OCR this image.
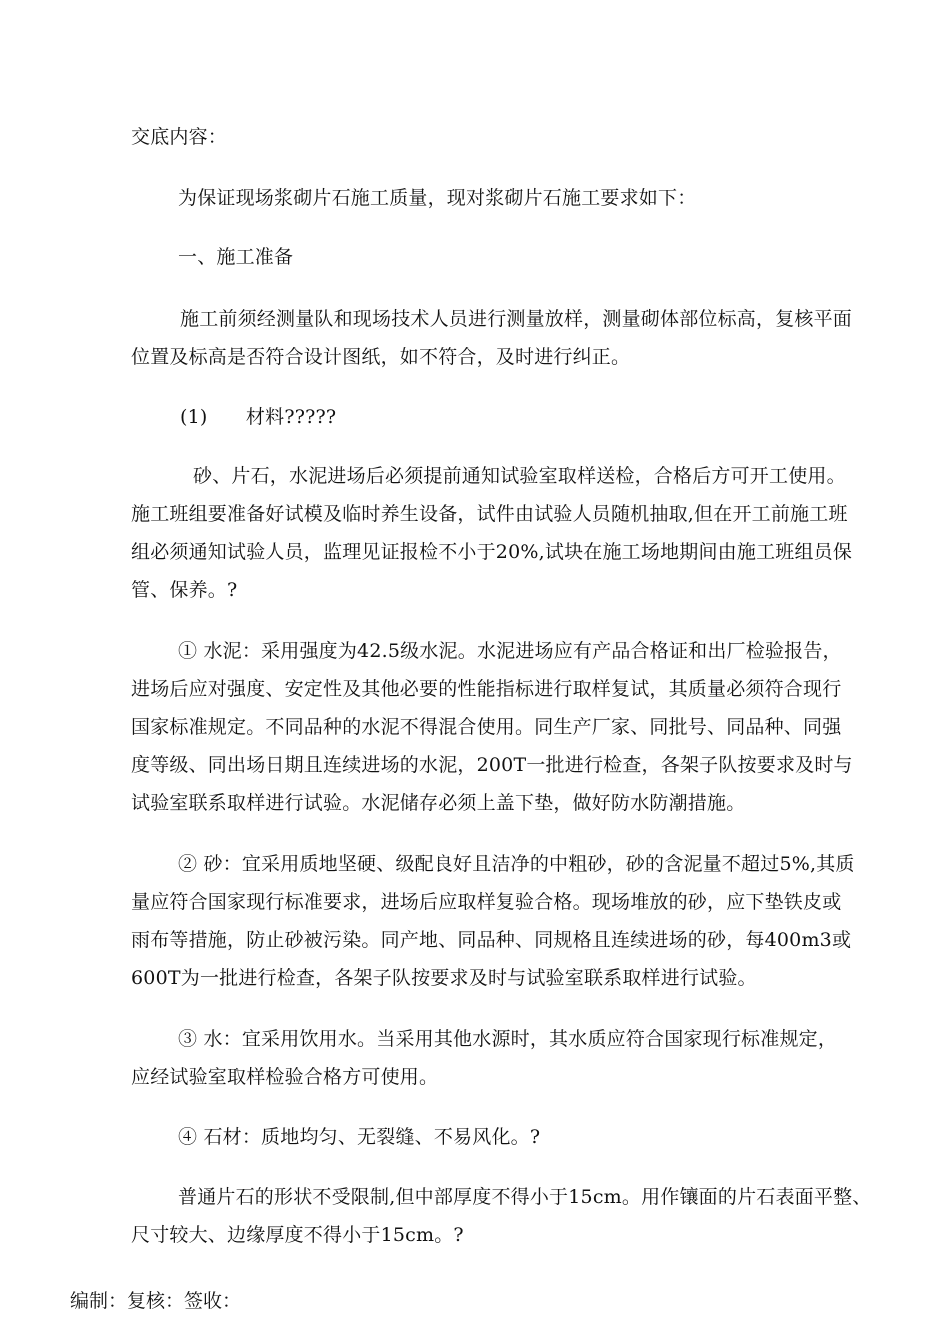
交底内容：

为保证现场浆砌片石施工质量，现对浆砌片石施工要求如下：

一、施工准备

施工前须经测量队和现场技术人员进行测量放样，测量砌体部位标高，复核平面

位置及标高是否符合设计图纸，如不符合，及时进行纠正。

(1)　　材料?????

砂、片石，水泥进场后必须提前通知试验室取样送检，合格后方可开工使用。

施工班组要准备好试模及临时养生设备，试件由试验人员随机抽取,但在开工前施工班

组必须通知试验人员，监理见证报检不小于20%,试块在施工场地期间由施工班组员保

管、保养。?

① 水泥：采用强度为42.5级水泥。水泥进场应有产品合格证和出厂检验报告，

进场后应对强度、安定性及其他必要的性能指标进行取样复试，其质量必须符合现行

国家标准规定。不同品种的水泥不得混合使用。同生产厂家、同批号、同品种、同强

度等级、同出场日期且连续进场的水泥，200T一批进行检查，各架子队按要求及时与

试验室联系取样进行试验。水泥储存必须上盖下垫，做好防水防潮措施。

② 砂：宜采用质地坚硬、级配良好且洁净的中粗砂，砂的含泥量不超过5%,其质

量应符合国家现行标准要求，进场后应取样复验合格。现场堆放的砂，应下垫铁皮或

雨布等措施，防止砂被污染。同产地、同品种、同规格且连续进场的砂，每400m3或

600T为一批进行检查，各架子队按要求及时与试验室联系取样进行试验。

③ 水：宜采用饮用水。当采用其他水源时，其水质应符合国家现行标准规定，

应经试验室取样检验合格方可使用。

④ 石材：质地均匀、无裂缝、不易风化。?

普通片石的形状不受限制,但中部厚度不得小于15cm。用作镶面的片石表面平整、

尺寸较大、边缘厚度不得小于15cm。?

编制：复核：签收：
